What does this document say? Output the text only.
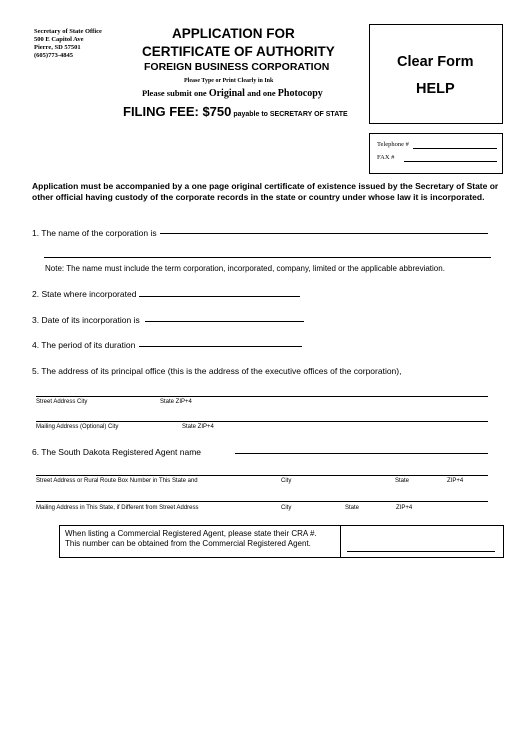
Secretary of State Office
500 E Capitol Ave
Pierre, SD 57501
(605)773-4845
APPLICATION FOR
CERTIFICATE OF AUTHORITY
FOREIGN BUSINESS CORPORATION
Please Type or Print Clearly in Ink
Please submit one Original and one Photocopy
FILING FEE: $750 payable to SECRETARY OF STATE
Clear Form
HELP
Telephone #
FAX #
Application must be accompanied by a one page original certificate of existence issued by the Secretary of State or other official having custody of the corporate records in the state or country under whose law it is incorporated.
1. The name of the corporation is
Note: The name must include the term corporation, incorporated, company, limited or the applicable abbreviation.
2. State where incorporated
3. Date of its incorporation is
4. The period of its duration
5. The address of its principal office (this is the address of the executive offices of the corporation),
Street Address City	State ZIP+4
Mailing Address (Optional) City	State ZIP+4
6. The South Dakota Registered Agent name
Street Address or Rural Route Box Number in This State and	City	State	ZIP+4
Mailing Address in This State, if Different from Street Address	City	State	ZIP+4
When listing a Commercial Registered Agent, please state their CRA #.
This number can be obtained from the Commercial Registered Agent.
